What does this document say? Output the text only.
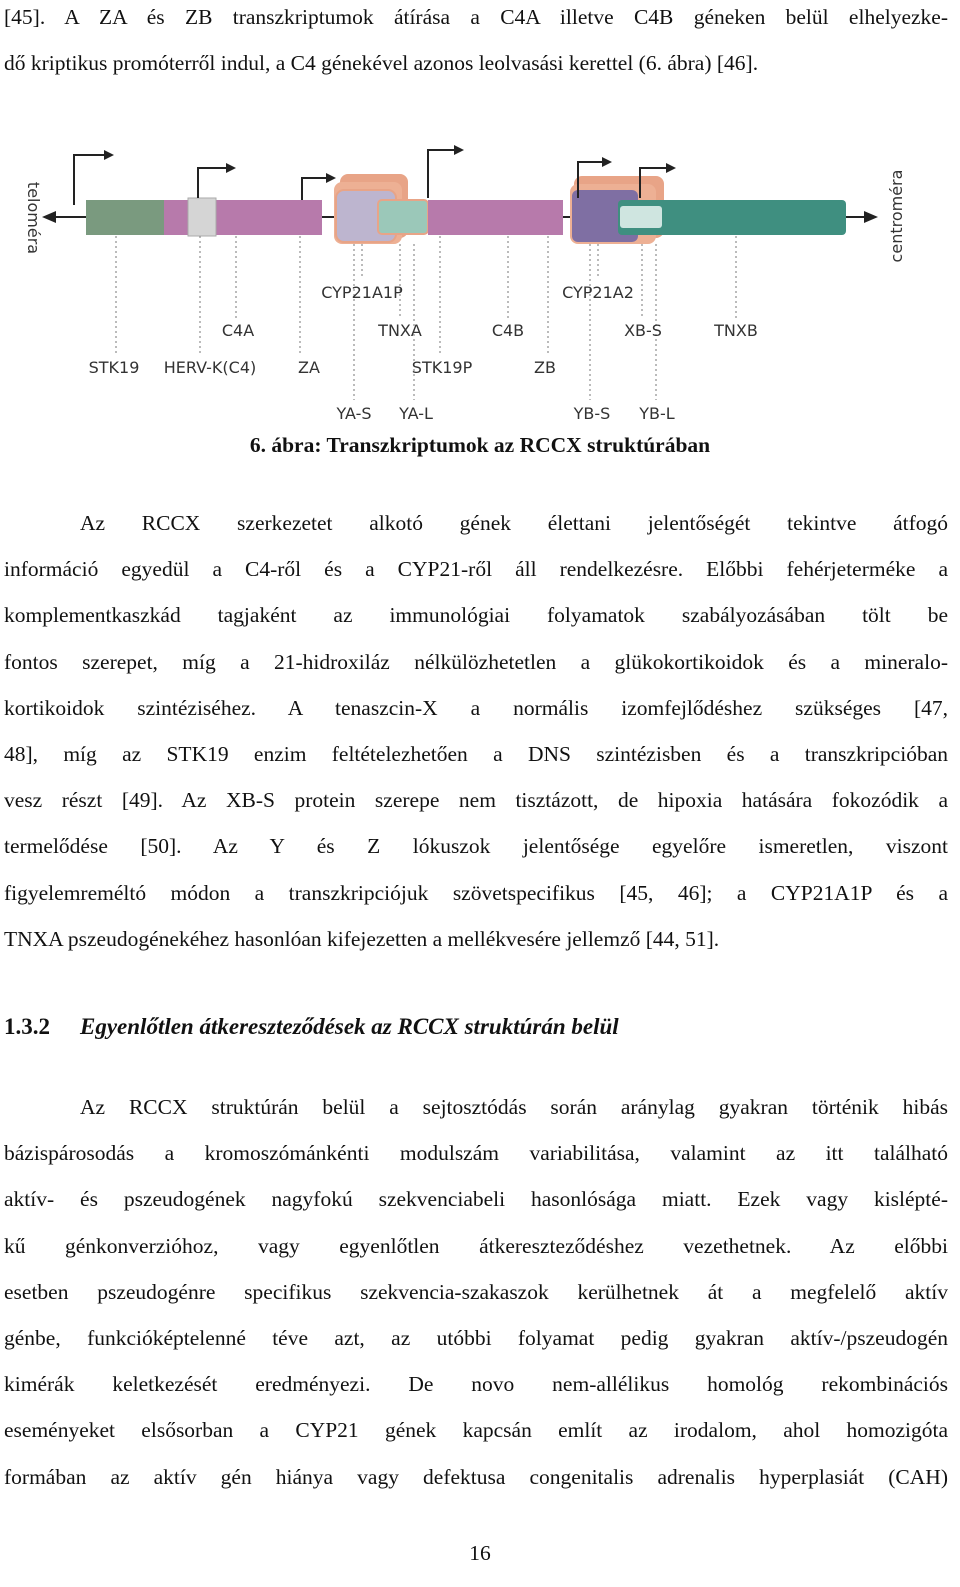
[45]. A ZA és ZB transzkriptumok átírása a C4A illetve C4B géneken belül elhelyezke-
dő kriptikus promóterről indul, a C4 génekével azonos leolvasási kerettel (6. ábra) [46].
teloméra	centroméra
CYP21A1P	CYP21A2
C4A	TNXA	C4B	XB-S	TNXB
STK19 HERV-K(C4)	ZA	STK19P	ZB
YA-S YA-L	YB-S YB-L
6. ábra: Transzkriptumok az RCCX struktúrában
Az RCCX szerkezetet alkotó gének élettani jelentőségét tekintve átfogó
információ egyedül a C4-ről és a CYP21-ről áll rendelkezésre. Előbbi fehérjeterméke a
komplementkaszkád tagjaként az immunológiai folyamatok szabályozásában tölt be
fontos szerepet, míg a 21-hidroxiláz nélkülözhetetlen a glükokortikoidok és a mineralo-
kortikoidok szintéziséhez. A tenaszcin-X a normális izomfejlődéshez szükséges [47,
48], míg az STK19 enzim feltételezhetően a DNS szintézisben és a transzkripcióban
vesz részt [49]. Az XB-S protein szerepe nem tisztázott, de hipoxia hatására fokozódik a
termelődése [50]. Az Y és Z lókuszok jelentősége egyelőre ismeretlen, viszont
figyelemreméltó módon a transzkripciójuk szövetspecifikus [45, 46]; a CYP21A1P és a
TNXA pszeudogénekéhez hasonlóan kifejezetten a mellékvesére jellemző [44, 51].
1.3.2 Egyenlőtlen átkereszteződések az RCCX struktúrán belül
Az RCCX struktúrán belül a sejtosztódás során aránylag gyakran történik hibás
bázispárosodás a kromoszómánkénti modulszám variabilitása, valamint az itt található
aktív- és pszeudogének nagyfokú szekvenciabeli hasonlósága miatt. Ezek vagy kislépté-
kű génkonverzióhoz, vagy egyenlőtlen átkereszteződéshez vezethetnek. Az előbbi
esetben pszeudogénre specifikus szekvencia-szakaszok kerülhetnek át a megfelelő aktív
génbe, funkcióképtelenné téve azt, az utóbbi folyamat pedig gyakran aktív-/pszeudogén
kimérák keletkezését eredményezi. De novo nem-allélikus homológ rekombinációs
eseményeket elsősorban a CYP21 gének kapcsán említ az irodalom, ahol homozigóta
formában az aktív gén hiánya vagy defektusa congenitalis adrenalis hyperplasiát (CAH)
16
